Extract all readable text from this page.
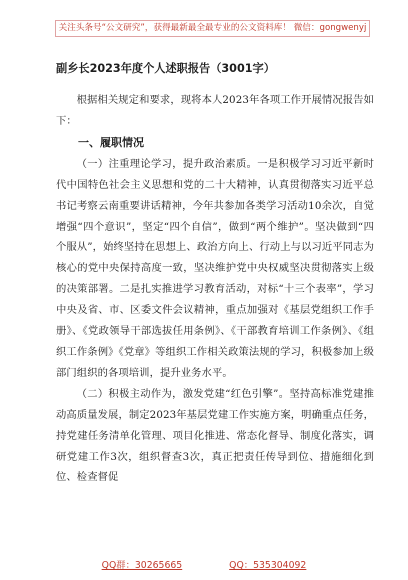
关注头条号“公文研究”，获得最新最全最专业的公文资料库！ 微信：gongwenyj

副乡长2023年度个人述职报告（3001字）

根据相关规定和要求，现将本人2023年各项工作开展情况报告如下：

一、履职情况

（一）注重理论学习，提升政治素质。一是积极学习习近平新时代中国特色社会主义思想和党的二十大精神，认真贯彻落实习近平总书记考察云南重要讲话精神，今年共参加各类学习活动10余次，自觉增强“四个意识”，坚定“四个自信”，做到“两个维护”。坚决做到“四个服从”，始终坚持在思想上、政治方向上、行动上与以习近平同志为核心的党中央保持高度一致，坚决维护党中央权威坚决贯彻落实上级的决策部署。二是扎实推进学习教育活动，对标“十三个表率”，学习中央及省、市、区委文件会议精神，重点加强对《基层党组织工作手册》、《党政领导干部选拔任用条例》、《干部教育培训工作条例》、《组织工作条例》《党章》等组织工作相关政策法规的学习，积极参加上级部门组织的各项培训，提升业务水平。

（二）积极主动作为，激发党建“红色引擎”。坚持高标准党建推动高质量发展，制定2023年基层党建工作实施方案，明确重点任务，持党建任务清单化管理、项目化推进、常态化督导、制度化落实，调研党建工作3次，组织督查3次，真正把责任传导到位、措施细化到位、检查督促

QQ群：30265665	QQ：535304092
